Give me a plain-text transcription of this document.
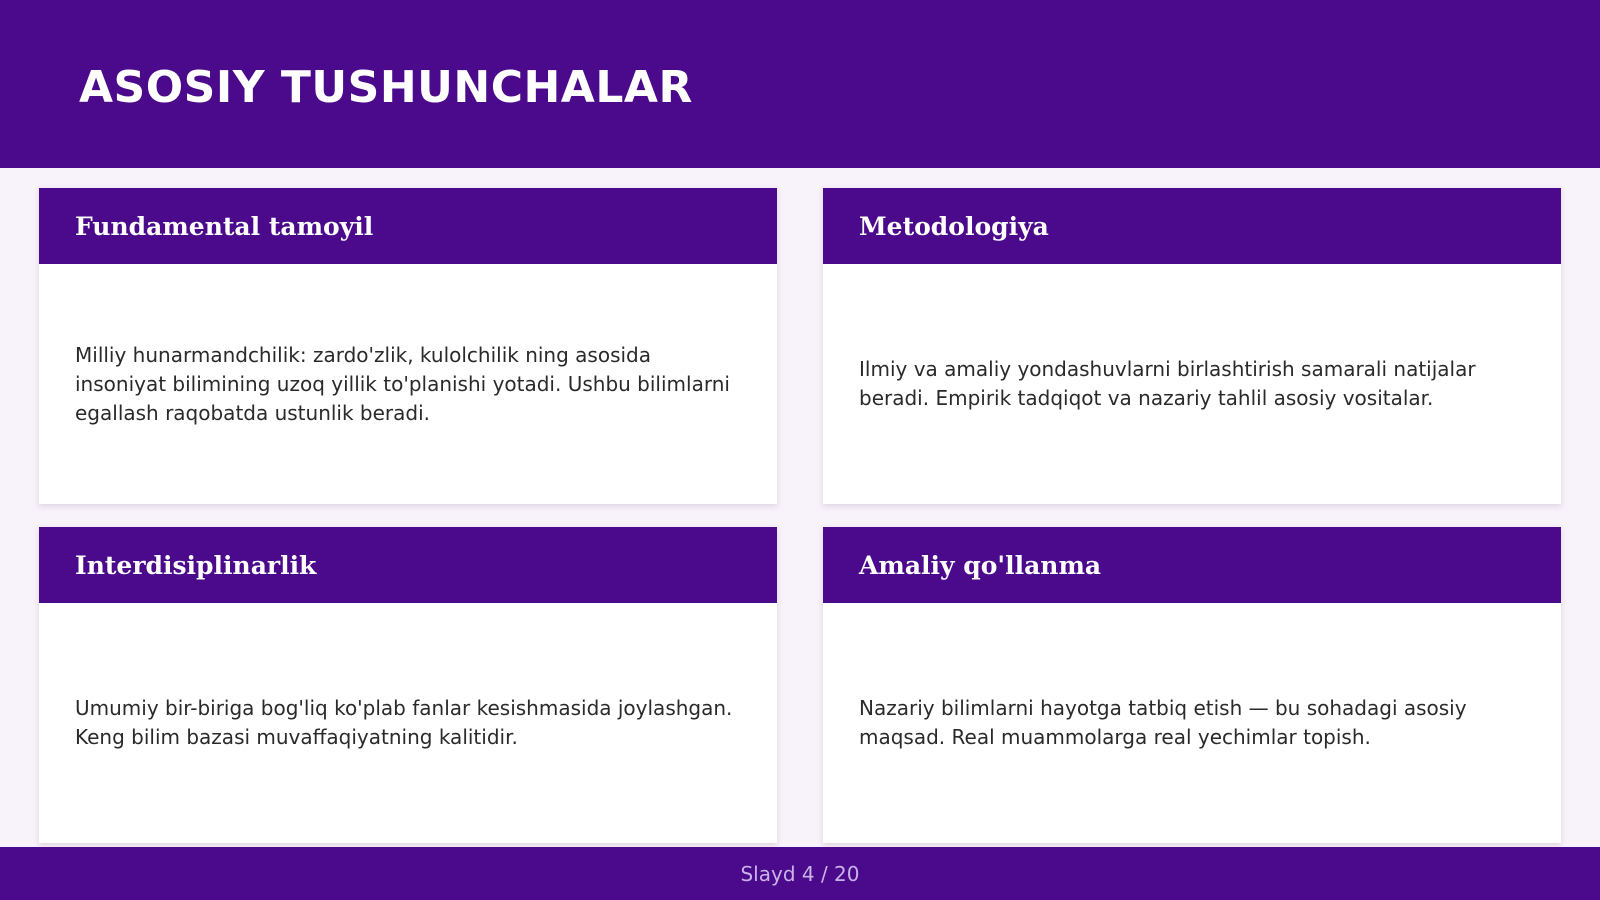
ASOSIY TUSHUNCHALAR
Fundamental tamoyil

Milliy hunarmandchilik: zardo'zlik, kulolchilik ning asosida insoniyat bilimining uzoq yillik to'planishi yotadi. Ushbu bilimlarni egallash raqobatda ustunlik beradi.

Metodologiya

Ilmiy va amaliy yondashuvlarni birlashtirish samarali natijalar beradi. Empirik tadqiqot va nazariy tahlil asosiy vositalar.

Interdisiplinarlik

Umumiy bir-biriga bog'liq ko'plab fanlar kesishmasida joylashgan. Keng bilim bazasi muvaffaqiyatning kalitidir.

Amaliy qo'llanma

Nazariy bilimlarni hayotga tatbiq etish — bu sohadagi asosiy maqsad. Real muammolarga real yechimlar topish.

Slayd 4 / 20
